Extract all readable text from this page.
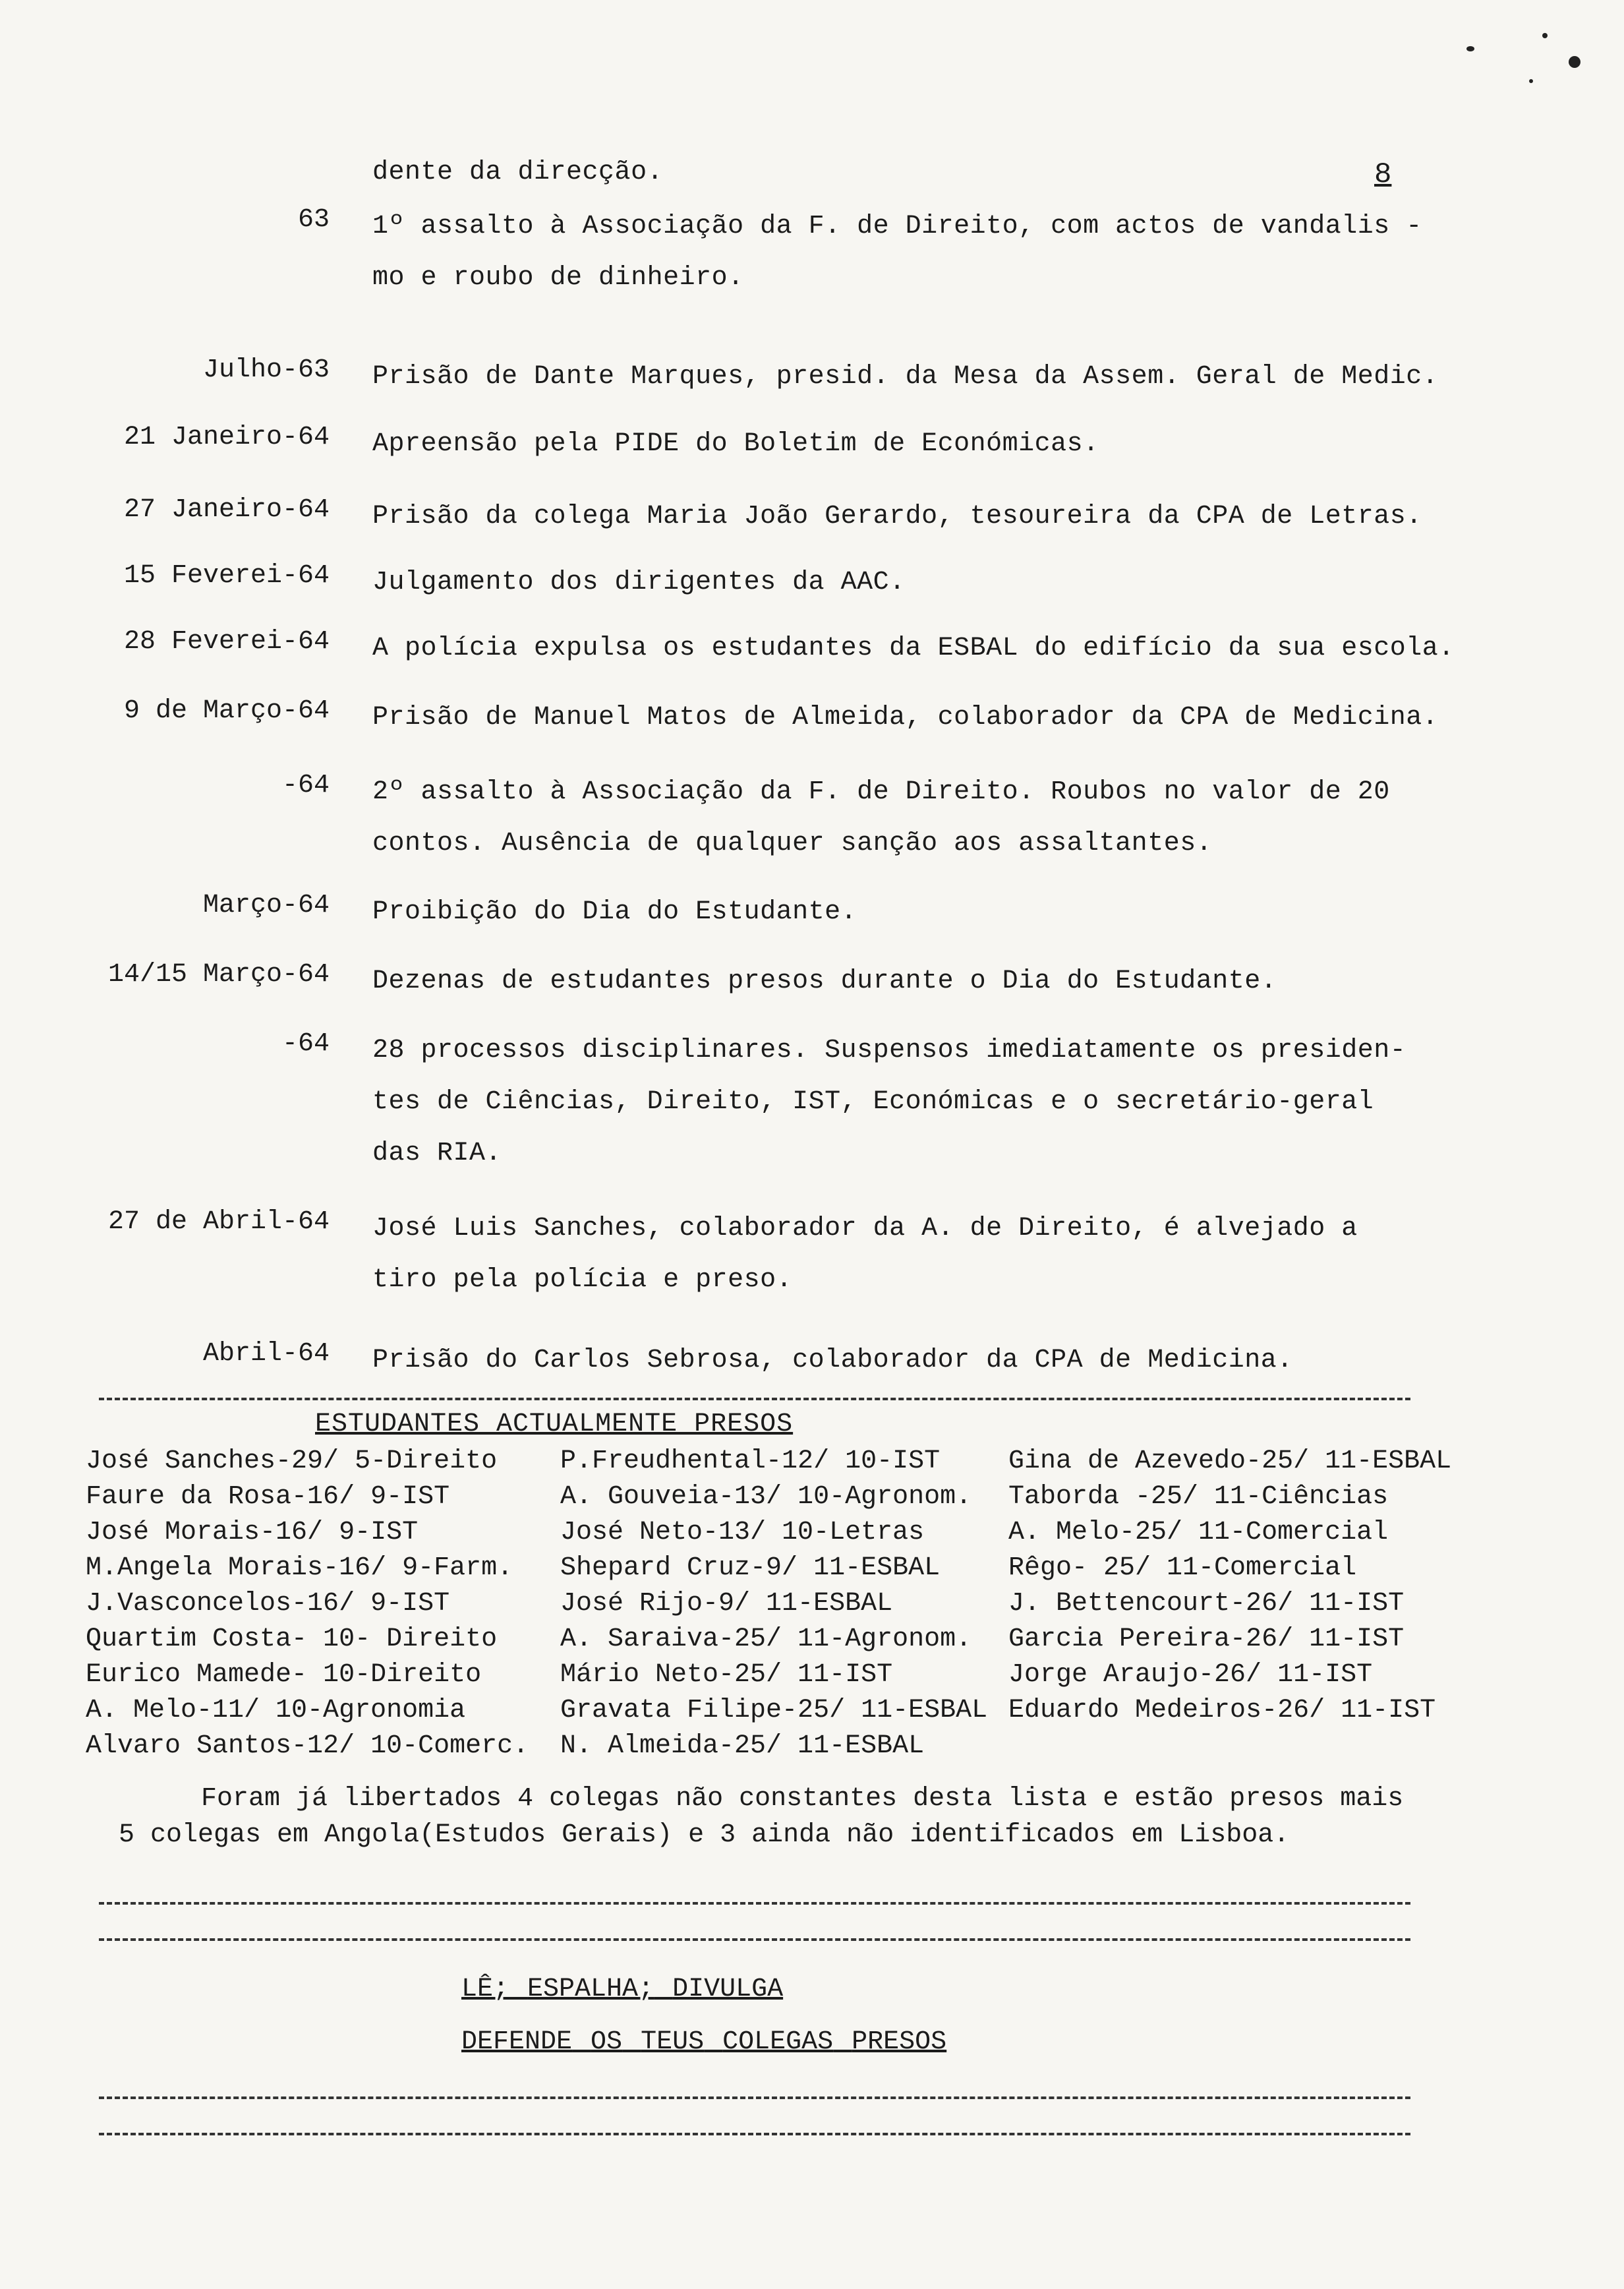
dente da direcção.	8
63 1º assalto à Associação da F. de Direito, com actos de vandalis -
mo e roubo de dinheiro.
Julho-63 Prisão de Dante Marques, presid. da Mesa da Assem. Geral de Medic.
21 Janeiro-64 Apreensão pela PIDE do Boletim de Económicas.
27 Janeiro-64 Prisão da colega Maria João Gerardo, tesoureira da CPA de Letras.
15 Feverei-64 Julgamento dos dirigentes da AAC.
28 Feverei-64 A polícia expulsa os estudantes da ESBAL do edifício da sua escola.
9 de Março-64 Prisão de Manuel Matos de Almeida, colaborador da CPA de Medicina.
-64 2º assalto à Associação da F. de Direito. Roubos no valor de 20
contos. Ausência de qualquer sanção aos assaltantes.
Março-64 Proibição do Dia do Estudante.
14/15 Março-64 Dezenas de estudantes presos durante o Dia do Estudante.
-64 28 processos disciplinares. Suspensos imediatamente os presiden-
tes de Ciências, Direito, IST, Económicas e o secretário-geral
das RIA.
27 de Abril-64 José Luis Sanches, colaborador da A. de Direito, é alvejado a
tiro pela polícia e preso.
Abril-64 Prisão do Carlos Sebrosa, colaborador da CPA de Medicina.
ESTUDANTES ACTUALMENTE PRESOS
José Sanches-29/ 5-Direito
Faure da Rosa-16/ 9-IST
José Morais-16/ 9-IST
M.Angela Morais-16/ 9-Farm.
J.Vasconcelos-16/ 9-IST
Quartim Costa- 10- Direito
Eurico Mamede- 10-Direito
A. Melo-11/ 10-Agronomia
Alvaro Santos-12/ 10-Comerc.
P.Freudhental-12/ 10-IST
A. Gouveia-13/ 10-Agronom.
José Neto-13/ 10-Letras
Shepard Cruz-9/ 11-ESBAL
José Rijo-9/ 11-ESBAL
A. Saraiva-25/ 11-Agronom.
Mário Neto-25/ 11-IST
Gravata Filipe-25/ 11-ESBAL
N. Almeida-25/ 11-ESBAL
Gina de Azevedo-25/ 11-ESBAL
Taborda -25/ 11-Ciências
A. Melo-25/ 11-Comercial
Rêgo- 25/ 11-Comercial
J. Bettencourt-26/ 11-IST
Garcia Pereira-26/ 11-IST
Jorge Araujo-26/ 11-IST
Eduardo Medeiros-26/ 11-IST
Foram já libertados 4 colegas não constantes desta lista e estão presos mais
5 colegas em Angola(Estudos Gerais) e 3 ainda não identificados em Lisboa.
LÊ; ESPALHA; DIVULGA
DEFENDE OS TEUS COLEGAS PRESOS
